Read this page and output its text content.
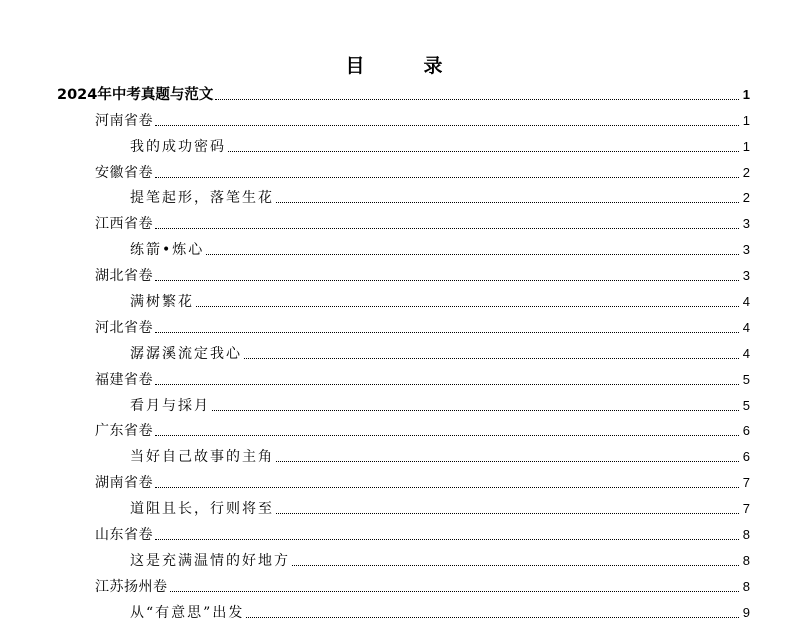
目　录
2024年中考真题与范文	1
河南省卷	1
我的成功密码	1
安徽省卷	2
提笔起形，落笔生花	2
江西省卷	3
练箭•炼心	3
湖北省卷	3
满树繁花	4
河北省卷	4
潺潺溪流定我心	4
福建省卷	5
看月与採月	5
广东省卷	6
当好自己故事的主角	6
湖南省卷	7
道阻且长，行则将至	7
山东省卷	8
这是充满温情的好地方	8
江苏扬州卷	8
从“有意思”出发	9
